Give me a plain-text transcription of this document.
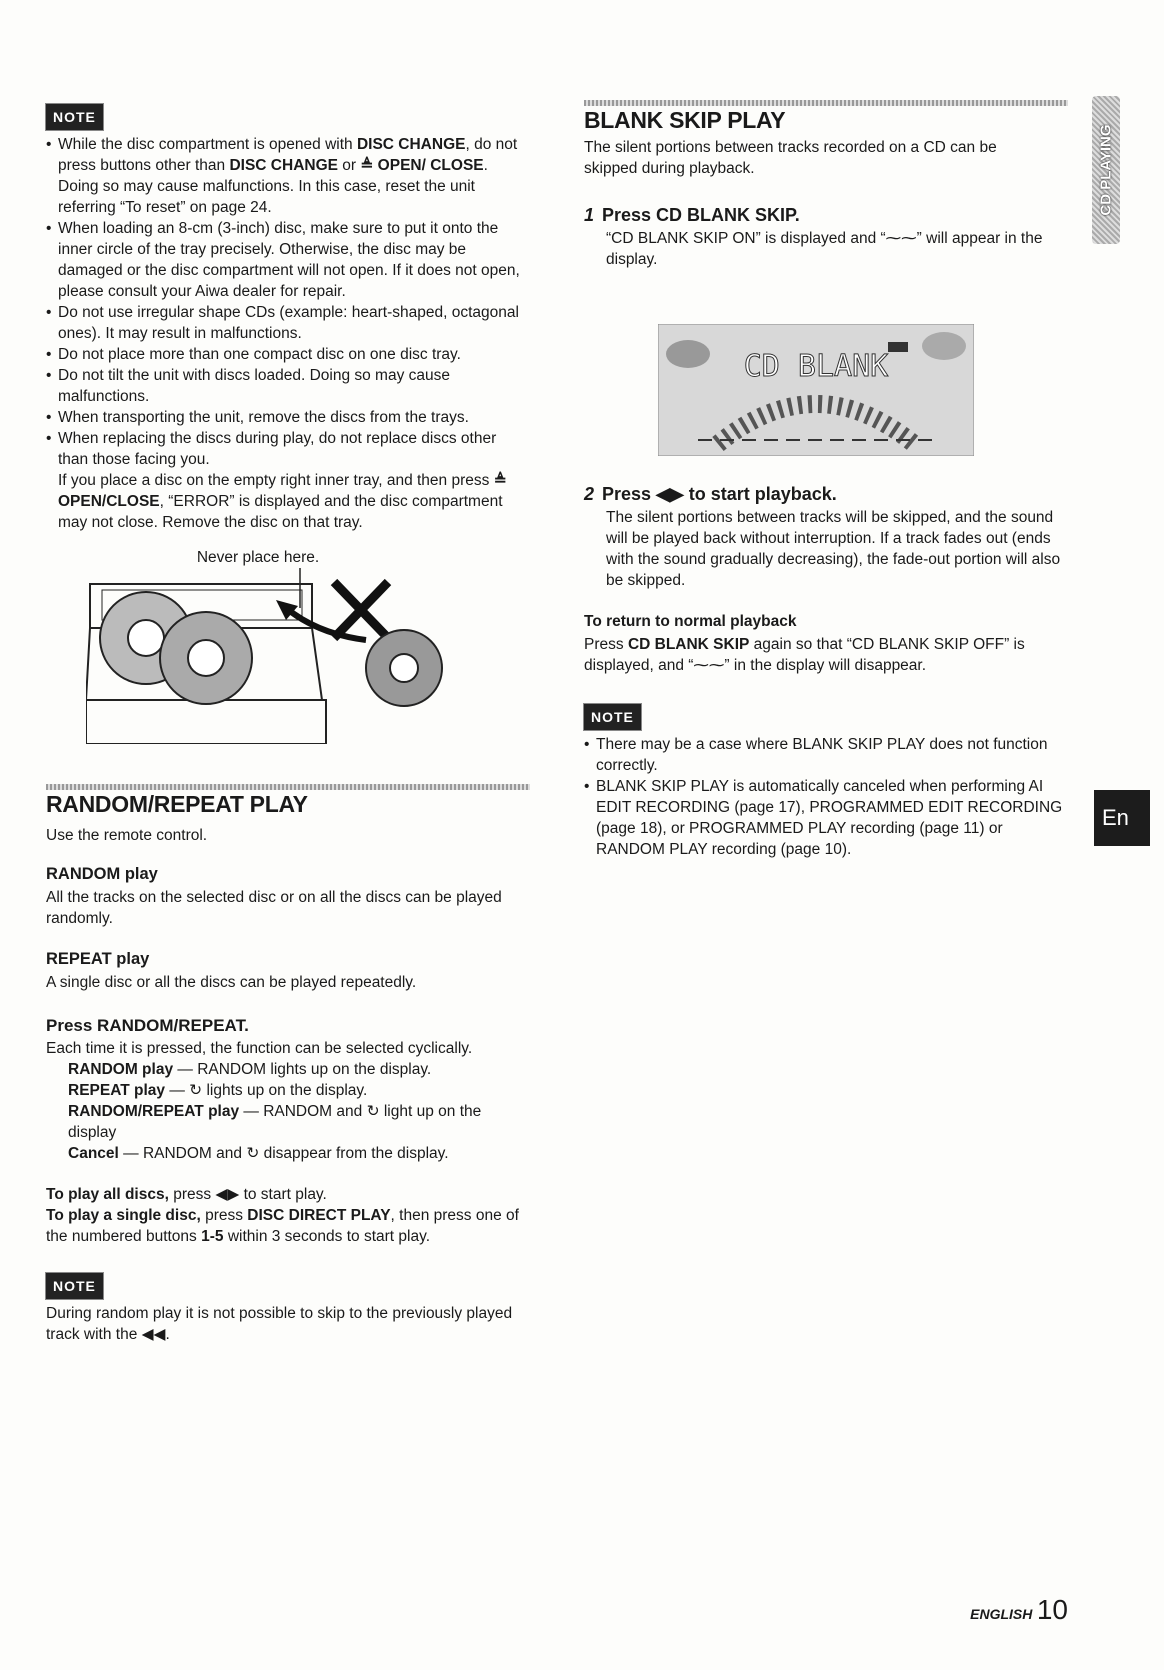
NOTE
• While the disc compartment is opened with DISC CHANGE, do not press buttons other than DISC CHANGE or ≜ OPEN/ CLOSE. Doing so may cause malfunctions. In this case, reset the unit referring “To reset” on page 24.
• When loading an 8-cm (3-inch) disc, make sure to put it onto the inner circle of the tray precisely. Otherwise, the disc may be damaged or the disc compartment will not open. If it does not open, please consult your Aiwa dealer for repair.
• Do not use irregular shape CDs (example: heart-shaped, octagonal ones). It may result in malfunctions.
• Do not place more than one compact disc on one disc tray.
• Do not tilt the unit with discs loaded. Doing so may cause malfunctions.
• When transporting the unit, remove the discs from the trays.
• When replacing the discs during play, do not replace discs other than those facing you.
If you place a disc on the empty right inner tray, and then press ≜ OPEN/CLOSE, “ERROR” is displayed and the disc compartment may not close. Remove the disc on that tray.
Never place here.
RANDOM/REPEAT PLAY

Use the remote control.

RANDOM play

All the tracks on the selected disc or on all the discs can be played randomly.

REPEAT play

A single disc or all the discs can be played repeatedly.

Press RANDOM/REPEAT.

Each time it is pressed, the function can be selected cyclically.

RANDOM play — RANDOM lights up on the display.
REPEAT play — ↻ lights up on the display.
RANDOM/REPEAT play — RANDOM and ↻ light up on the display
Cancel — RANDOM and ↻ disappear from the display.

To play all discs, press ◀▶ to start play.

To play a single disc, press DISC DIRECT PLAY, then press one of the numbered buttons 1-5 within 3 seconds to start play.

NOTE

During random play it is not possible to skip to the previously played track with the ◀◀.

BLANK SKIP PLAY

The silent portions between tracks recorded on a CD can be skipped during playback.

1 Press CD BLANK SKIP.

“CD BLANK SKIP ON” is displayed and “⁓⁓” will appear in the display.

CD BLANK
2 Press ◀▶ to start playback.

The silent portions between tracks will be skipped, and the sound will be played back without interruption. If a track fades out (ends with the sound gradually decreasing), the fade-out portion will also be skipped.

To return to normal playback

Press CD BLANK SKIP again so that “CD BLANK SKIP OFF” is displayed, and “⁓⁓” in the display will disappear.

NOTE
• There may be a case where BLANK SKIP PLAY does not function correctly.
• BLANK SKIP PLAY is automatically canceled when performing AI EDIT RECORDING (page 17), PROGRAMMED EDIT RECORDING (page 18), or PROGRAMMED PLAY recording (page 11) or RANDOM PLAY recording (page 10).
CD PLAYING
En
ENGLISH 10
